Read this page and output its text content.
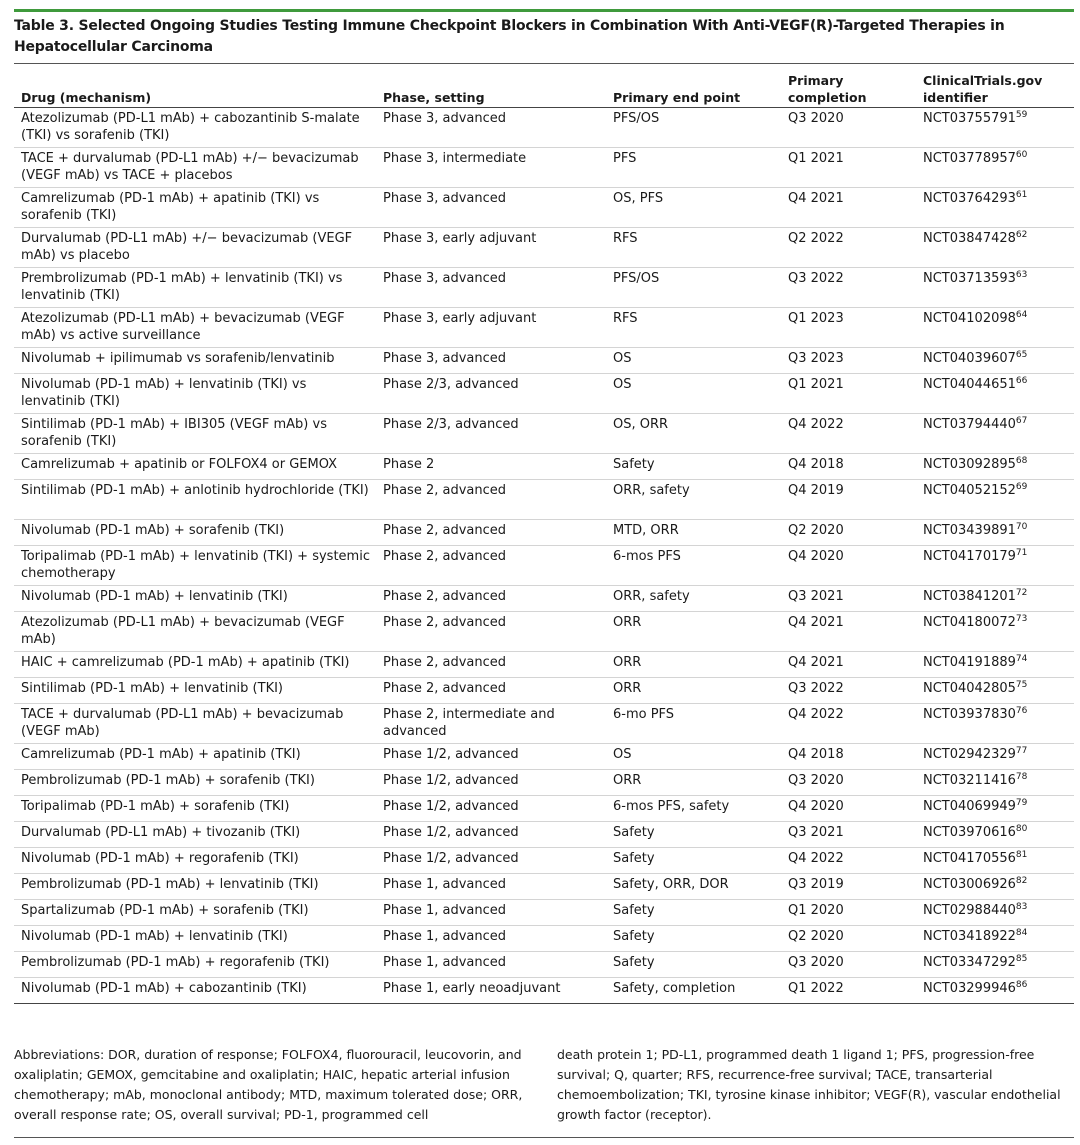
Table 3. Selected Ongoing Studies Testing Immune Checkpoint Blockers in Combination With Anti-VEGF(R)-Targeted Therapies in Hepatocellular Carcinoma
Drug (mechanism)	Phase, setting	Primary end point	Primary completion	ClinicalTrials.gov identifier
Atezolizumab (PD-L1 mAb) + cabozantinib S-malate (TKI) vs sorafenib (TKI)	Phase 3, advanced	PFS/OS	Q3 2020	NCT03755791$^{59}$
TACE + durvalumab (PD-L1 mAb) +/− bevacizumab (VEGF mAb) vs TACE + placebos	Phase 3, intermediate	PFS	Q1 2021	NCT03778957$^{60}$
Camrelizumab (PD-1 mAb) + apatinib (TKI) vs sorafenib (TKI)	Phase 3, advanced	OS, PFS	Q4 2021	NCT03764293$^{61}$
Durvalumab (PD-L1 mAb) +/− bevacizumab (VEGF mAb) vs placebo	Phase 3, early adjuvant	RFS	Q2 2022	NCT03847428$^{62}$
Prembrolizumab (PD-1 mAb) + lenvatinib (TKI) vs lenvatinib (TKI)	Phase 3, advanced	PFS/OS	Q3 2022	NCT03713593$^{63}$
Atezolizumab (PD-L1 mAb) + bevacizumab (VEGF mAb) vs active surveillance	Phase 3, early adjuvant	RFS	Q1 2023	NCT04102098$^{64}$
Nivolumab + ipilimumab vs sorafenib/lenvatinib	Phase 3, advanced	OS	Q3 2023	NCT04039607$^{65}$
Nivolumab (PD-1 mAb) + lenvatinib (TKI) vs lenvatinib (TKI)	Phase 2/3, advanced	OS	Q1 2021	NCT04044651$^{66}$
Sintilimab (PD-1 mAb) + IBI305 (VEGF mAb) vs sorafenib (TKI)	Phase 2/3, advanced	OS, ORR	Q4 2022	NCT03794440$^{67}$
Camrelizumab + apatinib or FOLFOX4 or GEMOX	Phase 2	Safety	Q4 2018	NCT03092895$^{68}$
Sintilimab (PD-1 mAb) + anlotinib hydrochloride (TKI)	Phase 2, advanced	ORR, safety	Q4 2019	NCT04052152$^{69}$
Nivolumab (PD-1 mAb) + sorafenib (TKI)	Phase 2, advanced	MTD, ORR	Q2 2020	NCT03439891$^{70}$
Toripalimab (PD-1 mAb) + lenvatinib (TKI) + systemic chemotherapy	Phase 2, advanced	6-mos PFS	Q4 2020	NCT04170179$^{71}$
Nivolumab (PD-1 mAb) + lenvatinib (TKI)	Phase 2, advanced	ORR, safety	Q3 2021	NCT03841201$^{72}$
Atezolizumab (PD-L1 mAb) + bevacizumab (VEGF mAb)	Phase 2, advanced	ORR	Q4 2021	NCT04180072$^{73}$
HAIC + camrelizumab (PD-1 mAb) + apatinib (TKI)	Phase 2, advanced	ORR	Q4 2021	NCT04191889$^{74}$
Sintilimab (PD-1 mAb) + lenvatinib (TKI)	Phase 2, advanced	ORR	Q3 2022	NCT04042805$^{75}$
TACE + durvalumab (PD-L1 mAb) + bevacizumab (VEGF mAb)	Phase 2, intermediate and advanced	6-mo PFS	Q4 2022	NCT03937830$^{76}$
Camrelizumab (PD-1 mAb) + apatinib (TKI)	Phase 1/2, advanced	OS	Q4 2018	NCT02942329$^{77}$
Pembrolizumab (PD-1 mAb) + sorafenib (TKI)	Phase 1/2, advanced	ORR	Q3 2020	NCT03211416$^{78}$
Toripalimab (PD-1 mAb) + sorafenib (TKI)	Phase 1/2, advanced	6-mos PFS, safety	Q4 2020	NCT04069949$^{79}$
Durvalumab (PD-L1 mAb) + tivozanib (TKI)	Phase 1/2, advanced	Safety	Q3 2021	NCT03970616$^{80}$
Nivolumab (PD-1 mAb) + regorafenib (TKI)	Phase 1/2, advanced	Safety	Q4 2022	NCT04170556$^{81}$
Pembrolizumab (PD-1 mAb) + lenvatinib (TKI)	Phase 1, advanced	Safety, ORR, DOR	Q3 2019	NCT03006926$^{82}$
Spartalizumab (PD-1 mAb) + sorafenib (TKI)	Phase 1, advanced	Safety	Q1 2020	NCT02988440$^{83}$
Nivolumab (PD-1 mAb) + lenvatinib (TKI)	Phase 1, advanced	Safety	Q2 2020	NCT03418922$^{84}$
Pembrolizumab (PD-1 mAb) + regorafenib (TKI)	Phase 1, advanced	Safety	Q3 2020	NCT03347292$^{85}$
Nivolumab (PD-1 mAb) + cabozantinib (TKI)	Phase 1, early neoadjuvant	Safety, completion	Q1 2022	NCT03299946$^{86}$
Abbreviations: DOR, duration of response; FOLFOX4, fluorouracil, leucovorin, and oxaliplatin; GEMOX, gemcitabine and oxaliplatin; HAIC, hepatic arterial infusion chemotherapy; mAb, monoclonal antibody; MTD, maximum tolerated dose; ORR, overall response rate; OS, overall survival; PD-1, programmed cell
death protein 1; PD-L1, programmed death 1 ligand 1; PFS, progression-free survival; Q, quarter; RFS, recurrence-free survival; TACE, transarterial chemoembolization; TKI, tyrosine kinase inhibitor; VEGF(R), vascular endothelial growth factor (receptor).
